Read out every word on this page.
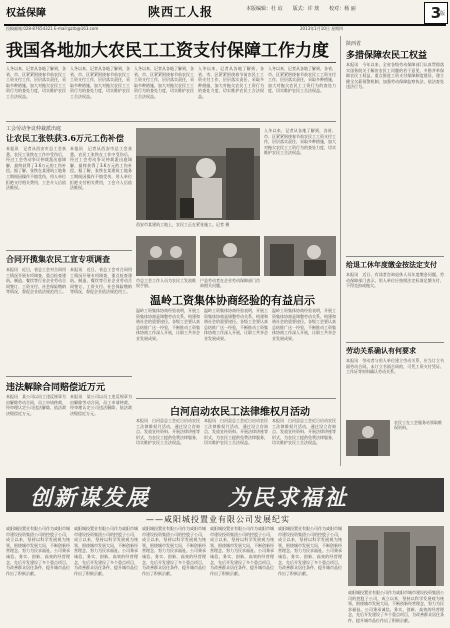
权益保障	陕西工人报	本版编辑：杜 谊　　版式：许 琰　　校对：杨 丽	3
版
投稿邮箱:028-87654321 E-mail:gzrb@163.com	2013年1月10日 星期四
我国各地加大农民工工资支付保障工作力度
入冬以来，记者从各地了解到，各省、市、区紧紧围绕春节前农民工工资支付工作，层层落实责任，采取多种措施，加大对拖欠农民工工资行为的查处力度，切实维护农民工合法权益。
入冬以来，记者从各地了解到，各省、市、区紧紧围绕春节前农民工工资支付工作，层层落实责任，采取多种措施，加大对拖欠农民工工资行为的查处力度，切实维护农民工合法权益。
入冬以来，记者从各地了解到，各省、市、区紧紧围绕春节前农民工工资支付工作，层层落实责任，采取多种措施，加大对拖欠农民工工资行为的查处力度，切实维护农民工合法权益。
入冬以来，记者从各地了解到，各省、市、区紧紧围绕春节前农民工工资支付工作，层层落实责任，采取多种措施，加大对拖欠农民工工资行为的查处力度，切实维护农民工合法权益。
入冬以来，记者从各地了解到，各省、市、区紧紧围绕春节前农民工工资支付工作，层层落实责任，采取多种措施，加大对拖欠农民工工资行为的查处力度，切实维护农民工合法权益。
工会劳动争议仲裁派出庭
让农民工张铁获3.6万元工伤补偿
本报讯　记者从西安市总工会获悉，农民工张铁在工作中受伤后，经过工会劳动争议仲裁派出庭调解，最终获得了3.6万元的工伤补偿。据了解，张铁在某建筑工地务工期间因操作不慎受伤，用人单位拒绝支付相关费用，工会介入后依法维权。
本报讯　记者从西安市总工会获悉，农民工张铁在工作中受伤后，经过工会劳动争议仲裁派出庭调解，最终获得了3.6万元的工伤补偿。据了解，张铁在某建筑工地务工期间因操作不慎受伤，用人单位拒绝支付相关费用，工会介入后依法维权。
入冬以来，记者从各地了解到，各省、市、区紧紧围绕春节前农民工工资支付工作，层层落实责任，采取多种措施，加大对拖欠农民工工资行为的查处力度，切实维护农民工合法权益。
西安市某建筑工地上，农民工正在紧张施工。记者 摄
合同开揽集农民工宣专项调查
本报讯　近日，省总工会对合同用工情况开展专项调查，重点检查建筑、制造、餐饮等行业企业劳动合同签订、工资支付、社会保险缴纳等情况，督促企业依法规范用工。
本报讯　近日，省总工会对合同用工情况开展专项调查，重点检查建筑、制造、餐饮等行业企业劳动合同签订、工资支付、社会保险缴纳等情况，督促企业依法规范用工。
市总工会工作人员为农民工发放维权手册。
户县劳动者在企业劳动保障部门咨询相关问题。
温岭工资集体协商经验的有益启示
温岭工资集体协商经验表明，开展工资集体协商是调整劳动关系、构建和谐社会的重要途径。各级工会要认真总结推广这一经验，不断推动工资集体协商工作深入开展，让职工共享企业发展成果。
温岭工资集体协商经验表明，开展工资集体协商是调整劳动关系、构建和谐社会的重要途径。各级工会要认真总结推广这一经验，不断推动工资集体协商工作深入开展，让职工共享企业发展成果。
温岭工资集体协商经验表明，开展工资集体协商是调整劳动关系、构建和谐社会的重要途径。各级工会要认真总结推广这一经验，不断推动工资集体协商工作深入开展，让职工共享企业发展成果。
违法解除合同赔偿近万元
本报讯　某公司以员工违反规章为由解除劳动合同，员工申请仲裁，经审理认定公司违法解除，依法裁决赔偿近万元。
本报讯　某公司以员工违反规章为由解除劳动合同，员工申请仲裁，经审理认定公司违法解除，依法裁决赔偿近万元。	白河启动农民工法律维权月活动
本报讯　白河县总工会近日启动农民工法律维权月活动，通过设立咨询点、发放宣传资料、开展法律讲座等形式，为农民工提供免费法律服务，切实维护农民工合法权益。
本报讯　白河县总工会近日启动农民工法律维权月活动，通过设立咨询点、发放宣传资料、开展法律讲座等形式，为农民工提供免费法律服务，切实维护农民工合法权益。
本报讯　白河县总工会近日启动农民工法律维权月活动，通过设立咨询点、发放宣传资料、开展法律讲座等形式，为农民工提供免费法律服务，切实维护农民工合法权益。
陕西省
多措保障农民工权益
本报讯　今年以来，全省各级劳动保障部门认真贯彻落实国务院关于解决农民工问题的若干意见，多措并举保障农民工权益，重点推进工资支付保障制度建设，建立健全欠薪预警机制，加强劳动保障监察执法，依法查处违法行为。
给退工休年度缴金按法定支付
本报讯　近日，有读者咨询退休人员年度缴金问题。劳动保障部门表示，用人单位应按照法定标准足额支付，不得克扣或拖欠。
劳动关系确认有何要求
本报讯　劳动者与用人单位建立劳动关系，应当订立书面劳动合同。未订立书面合同的，可凭工资支付凭证、工作证等材料确认劳动关系。
农民工在工会服务站领取维权资料。
创新谋发展	为民求福祉
——咸阳城投置业有限公司发展纪实
咸阳城投置业有限公司作为咸阳市城市建设投资集团公司的控股子公司，成立以来，坚持以科学发展观为统领，围绕城市发展大局，不断创新经营理念，努力为民求福祉。公司秉承诚信、务实、创新、高效的经营理念，先后开发建设了多个重点项目，为改善群众居住条件、提升城市品位作出了积极贡献。
咸阳城投置业有限公司作为咸阳市城市建设投资集团公司的控股子公司，成立以来，坚持以科学发展观为统领，围绕城市发展大局，不断创新经营理念，努力为民求福祉。公司秉承诚信、务实、创新、高效的经营理念，先后开发建设了多个重点项目，为改善群众居住条件、提升城市品位作出了积极贡献。
咸阳城投置业有限公司作为咸阳市城市建设投资集团公司的控股子公司，成立以来，坚持以科学发展观为统领，围绕城市发展大局，不断创新经营理念，努力为民求福祉。公司秉承诚信、务实、创新、高效的经营理念，先后开发建设了多个重点项目，为改善群众居住条件、提升城市品位作出了积极贡献。
咸阳城投置业有限公司作为咸阳市城市建设投资集团公司的控股子公司，成立以来，坚持以科学发展观为统领，围绕城市发展大局，不断创新经营理念，努力为民求福祉。公司秉承诚信、务实、创新、高效的经营理念，先后开发建设了多个重点项目，为改善群众居住条件、提升城市品位作出了积极贡献。
咸阳城投置业有限公司作为咸阳市城市建设投资集团公司的控股子公司，成立以来，坚持以科学发展观为统领，围绕城市发展大局，不断创新经营理念，努力为民求福祉。公司秉承诚信、务实、创新、高效的经营理念，先后开发建设了多个重点项目，为改善群众居住条件、提升城市品位作出了积极贡献。
咸阳城投置业有限公司作为咸阳市城市建设投资集团公司的控股子公司，成立以来，坚持以科学发展观为统领，围绕城市发展大局，不断创新经营理念，努力为民求福祉。公司秉承诚信、务实、创新、高效的经营理念，先后开发建设了多个重点项目，为改善群众居住条件、提升城市品位作出了积极贡献。
